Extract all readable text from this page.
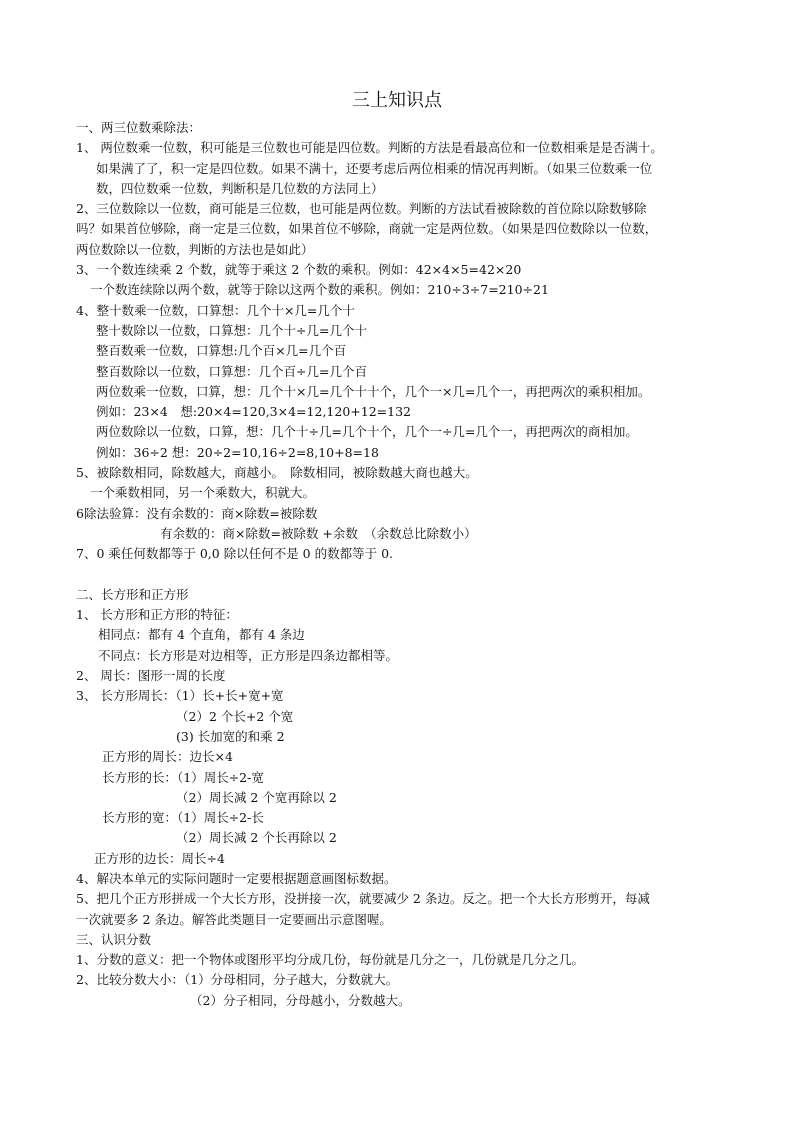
三上知识点
一、两三位数乘除法：
1、 两位数乘一位数，积可能是三位数也可能是四位数。判断的方法是看最高位和一位数相乘是是否满十。
如果满了了，积一定是四位数。如果不满十，还要考虑后两位相乘的情况再判断。（如果三位数乘一位
数，四位数乘一位数，判断积是几位数的方法同上）
2、三位数除以一位数，商可能是三位数，也可能是两位数。判断的方法试看被除数的首位除以除数够除
吗？如果首位够除，商一定是三位数，如果首位不够除，商就一定是两位数。（如果是四位数除以一位数，
两位数除以一位数，判断的方法也是如此）
3、一个数连续乘 2 个数，就等于乘这 2 个数的乘积。例如：42×4×5=42×20
一个数连续除以两个数，就等于除以这两个数的乘积。例如：210÷3÷7=210÷21
4、整十数乘一位数，口算想：几个十×几=几个十
整十数除以一位数，口算想：几个十÷几=几个十
整百数乘一位数，口算想:几个百×几=几个百
整百数除以一位数，口算想：几个百÷几=几个百
两位数乘一位数，口算，想：几个十×几=几个十十个，几个一×几=几个一，再把两次的乘积相加。
例如：23×4　想:20×4=120,3×4=12,120+12=132
两位数除以一位数，口算，想：几个十÷几=几个十个，几个一÷几=几个一，再把两次的商相加。
例如：36÷2 想：20÷2=10,16÷2=8,10+8=18
5、被除数相同，除数越大，商越小。　除数相同，被除数越大商也越大。
一个乘数相同，另一个乘数大，积就大。
6除法验算：没有余数的：商×除数=被除数
有余数的：商×除数=被除数 +余数　（余数总比除数小）
7、0 乘任何数都等于 0,0 除以任何不是 0 的数都等于 0.
二、长方形和正方形
1、 长方形和正方形的特征：
相同点：都有 4 个直角，都有 4 条边
不同点：长方形是对边相等，正方形是四条边都相等。
2、 周长：图形一周的长度
3、 长方形周长：（1）长+长+宽+宽
（2）2 个长+2 个宽
(3) 长加宽的和乘 2
正方形的周长：边长×4
长方形的长：（1）周长÷2-宽
（2）周长减 2 个宽再除以 2
长方形的宽：（1）周长÷2-长
（2）周长减 2 个长再除以 2
正方形的边长：周长÷4
4、解决本单元的实际问题时一定要根据题意画图标数据。
5、把几个正方形拼成一个大长方形，没拼接一次，就要减少 2 条边。反之。把一个大长方形剪开，每减
一次就要多 2 条边。解答此类题目一定要画出示意图喔。
三、认识分数
1、分数的意义：把一个物体或图形平均分成几份，每份就是几分之一，几份就是几分之几。
2、比较分数大小：（1）分母相同，分子越大，分数就大。
（2）分子相同，分母越小，分数越大。
